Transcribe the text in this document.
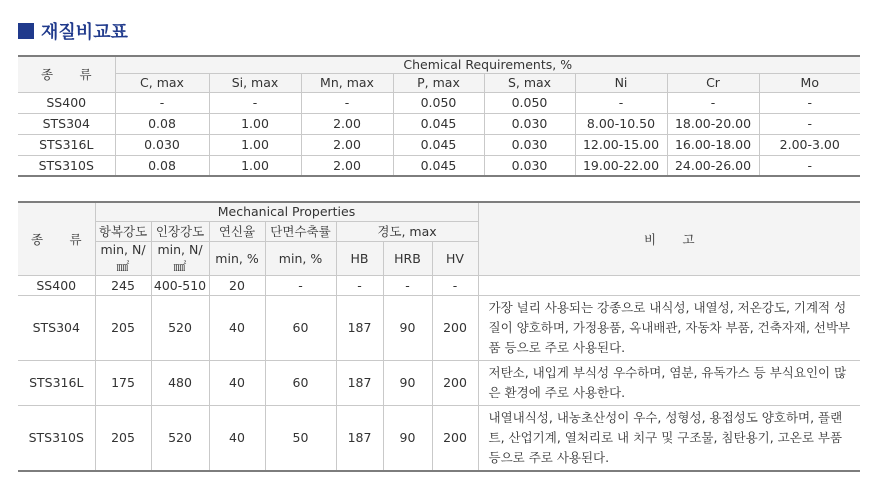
재질비교표
종 류	Chemical Requirements, %							
	C, max	Si, max	Mn, max	P, max	S, max	Ni	Cr	Mo
SS400	-	-	-	0.050	0.050	-	-	-
STS304	0.08	1.00	2.00	0.045	0.030	8.00-10.50	18.00-20.00	-
STS316L	0.030	1.00	2.00	0.045	0.030	12.00-15.00	16.00-18.00	2.00-3.00
STS310S	0.08	1.00	2.00	0.045	0.030	19.00-22.00	24.00-26.00	-
종 류	Mechanical Properties							비 고
	항복강도	인장강도	연신율	단면수축률	경도, max			
	min, N/㎟	min, N/㎟	min, %	min, %	HB	HRB	HV	
SS400	245	400-510	20	-	-	-	-	
STS304	205	520	40	60	187	90	200	가장 널리 사용되는 강종으로 내식성, 내열성, 저온강도, 기계적 성질이 양호하며, 가정용품, 옥내배관, 자동차 부품, 건축자재, 선박부품 등으로 주로 사용된다.
STS316L	175	480	40	60	187	90	200	저탄소, 내입게 부식성 우수하며, 염분, 유독가스 등 부식요인이 많은 환경에 주로 사용한다.
STS310S	205	520	40	50	187	90	200	내열내식성, 내농초산성이 우수, 성형성, 용접성도 양호하며, 플랜트, 산업기계, 열처리로 내 치구 및 구조물, 침탄용기, 고온로 부품 등으로 주로 사용된다.
